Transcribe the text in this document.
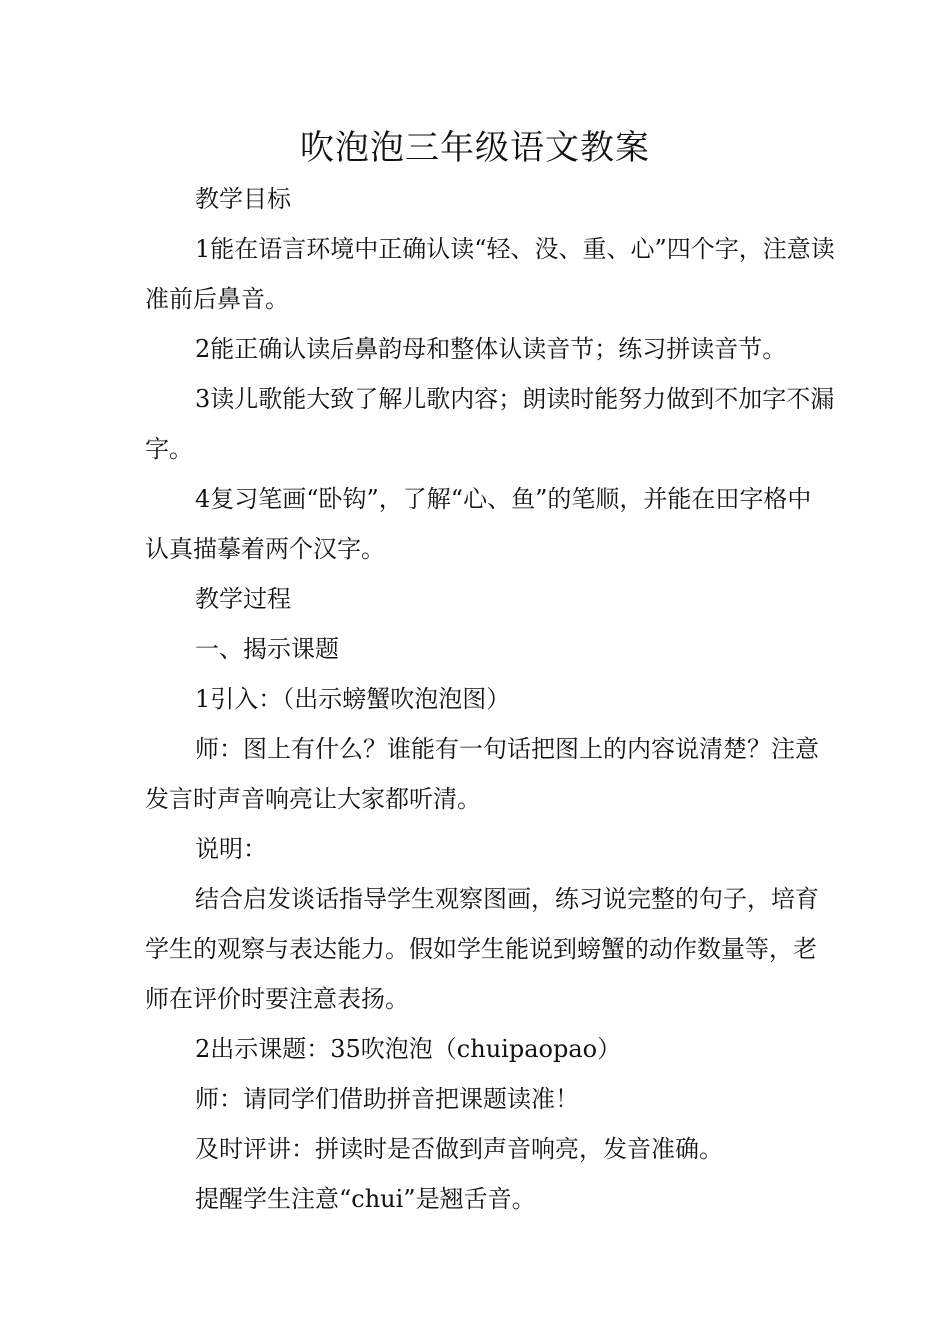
吹泡泡三年级语文教案

教学目标

1能在语言环境中正确认读“轻、没、重、心”四个字，注意读准前后鼻音。

2能正确认读后鼻韵母和整体认读音节；练习拼读音节。

3读儿歌能大致了解儿歌内容；朗读时能努力做到不加字不漏字。

4复习笔画“卧钩”，了解“心、鱼”的笔顺，并能在田字格中认真描摹着两个汉字。

教学过程

一、揭示课题

1引入：（出示螃蟹吹泡泡图）

师：图上有什么？谁能有一句话把图上的内容说清楚？注意发言时声音响亮让大家都听清。

说明：

结合启发谈话指导学生观察图画，练习说完整的句子，培育学生的观察与表达能力。假如学生能说到螃蟹的动作数量等，老师在评价时要注意表扬。

2出示课题：35吹泡泡（chuipaopao）

师：请同学们借助拼音把课题读准！

及时评讲：拼读时是否做到声音响亮，发音准确。

提醒学生注意“chui”是翘舌音。
